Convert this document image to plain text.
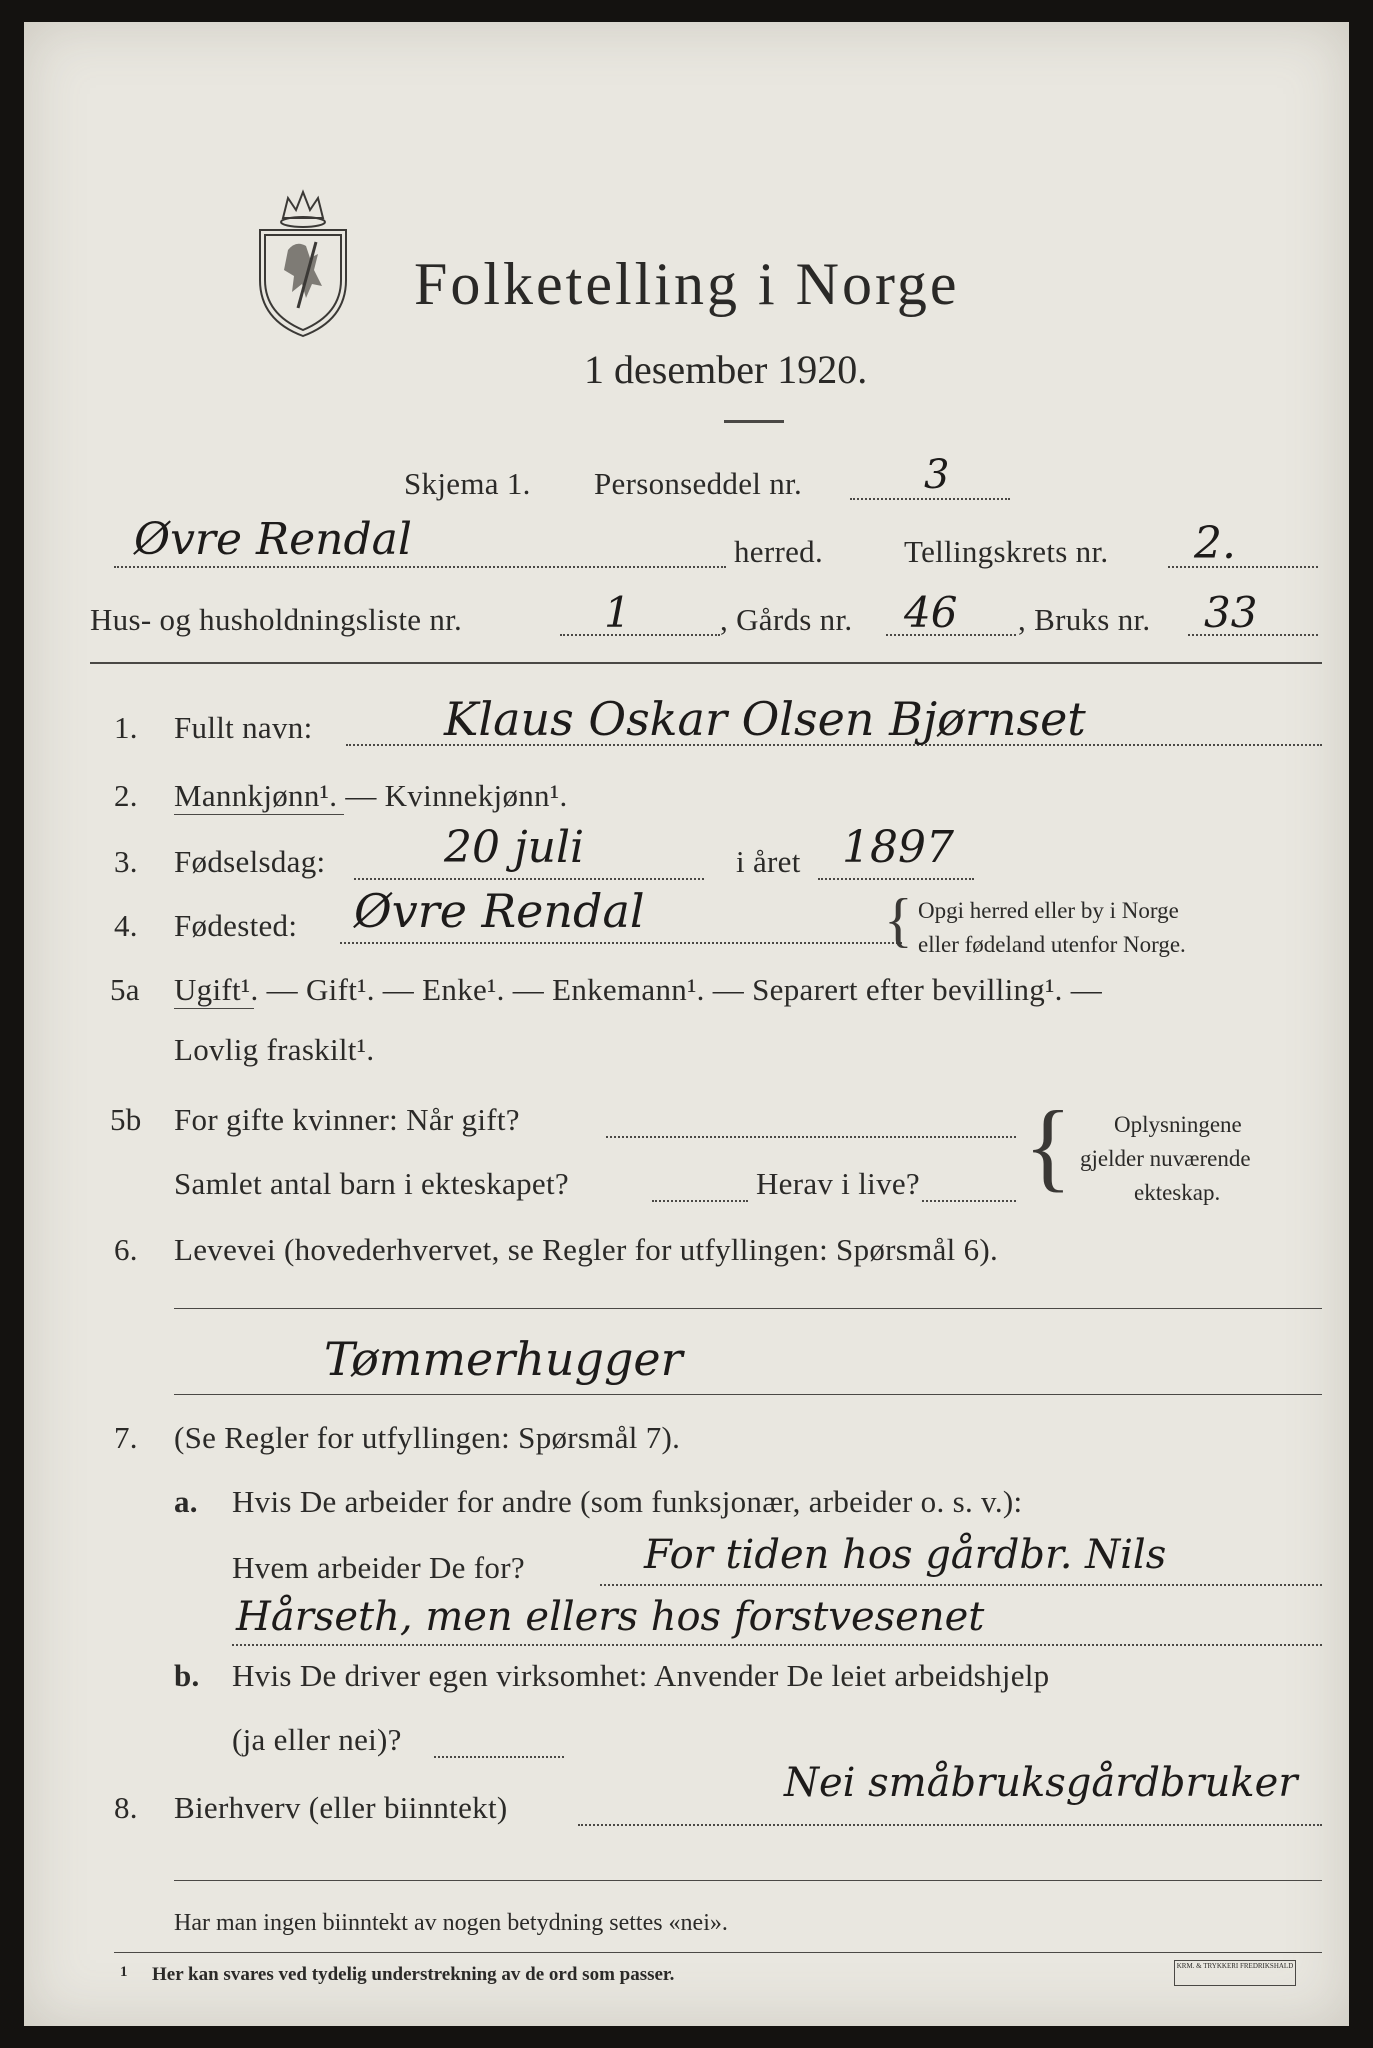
Folketelling i Norge
1 desember 1920.
Skjema 1. Personseddel nr.	3
Øvre Rendal	herred.	Tellingskrets nr. 2.
Hus- og husholdningsliste nr.	1	, Gårds nr. 46 , Bruks nr. 33
1. Fullt navn:	Klaus Oskar Olsen Bjørnset
2. Mannkjønn¹. — Kvinnekjønn¹.
3. Fødselsdag:	20 juli	i året 1897
4. Fødested: Øvre Rendal	{ Opgi herred eller by i Norge
eller fødeland utenfor Norge.
5a Ugift¹. — Gift¹. — Enke¹. — Enkemann¹. — Separert efter bevilling¹. —
Lovlig fraskilt¹.
5b For gifte kvinner: Når gift?
Samlet antal barn i ekteskapet?	Herav i live? { Oplysningene
gjelder nuværende
ekteskap.
6. Levevei (hovederhvervet, se Regler for utfyllingen: Spørsmål 6).
Tømmerhugger
7. (Se Regler for utfyllingen: Spørsmål 7).
a. Hvis De arbeider for andre (som funksjonær, arbeider o. s. v.):
Hvem arbeider De for?	For tiden hos gårdbr. Nils
Hårseth, men ellers hos forstvesenet
b. Hvis De driver egen virksomhet: Anvender De leiet arbeidshjelp
(ja eller nei)?
8. Bierhverv (eller biinntekt)
Nei småbruksgårdbruker
Har man ingen biinntekt av nogen betydning settes «nei».
1 Her kan svares ved tydelig understrekning av de ord som passer.	KRM. & TRYKKERI FREDRIKSHALD
